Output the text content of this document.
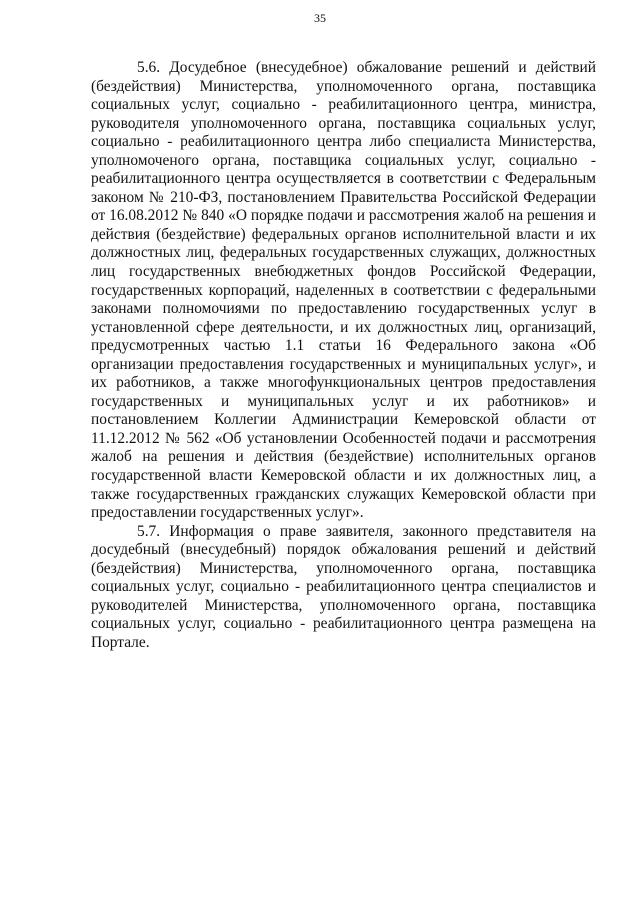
35

5.6. Досудебное (внесудебное) обжалование решений и действий (бездействия) Министерства, уполномоченного органа, поставщика социальных услуг, социально - реабилитационного центра, министра, руководителя уполномоченного органа, поставщика социальных услуг, социально - реабилитационного центра либо специалиста Министерства, уполномоченого органа, поставщика социальных услуг, социально - реабилитационного центра осуществляется в соответствии с Федеральным законом № 210-ФЗ, постановлением Правительства Российской Федерации от 16.08.2012 № 840 «О порядке подачи и рассмотрения жалоб на решения и действия (бездействие) федеральных органов исполнительной власти и их должностных лиц, федеральных государственных служащих, должностных лиц государственных внебюджетных фондов Российской Федерации, государственных корпораций, наделенных в соответствии с федеральными законами полномочиями по предоставлению государственных услуг в установленной сфере деятельности, и их должностных лиц, организаций, предусмотренных частью 1.1 статьи 16 Федерального закона «Об организации предоставления государственных и муниципальных услуг», и их работников, а также многофункциональных центров предоставления государственных и муниципальных услуг и их работников» и постановлением Коллегии Администрации Кемеровской области от 11.12.2012 № 562 «Об установлении Особенностей подачи и рассмотрения жалоб на решения и действия (бездействие) исполнительных органов государственной власти Кемеровской области и их должностных лиц, а также государственных гражданских служащих Кемеровской области при предоставлении государственных услуг».

5.7. Информация о праве заявителя, законного представителя на досудебный (внесудебный) порядок обжалования решений и действий (бездействия) Министерства, уполномоченного органа, поставщика социальных услуг, социально - реабилитационного центра специалистов и руководителей Министерства, уполномоченного органа, поставщика социальных услуг, социально - реабилитационного центра размещена на Портале.
